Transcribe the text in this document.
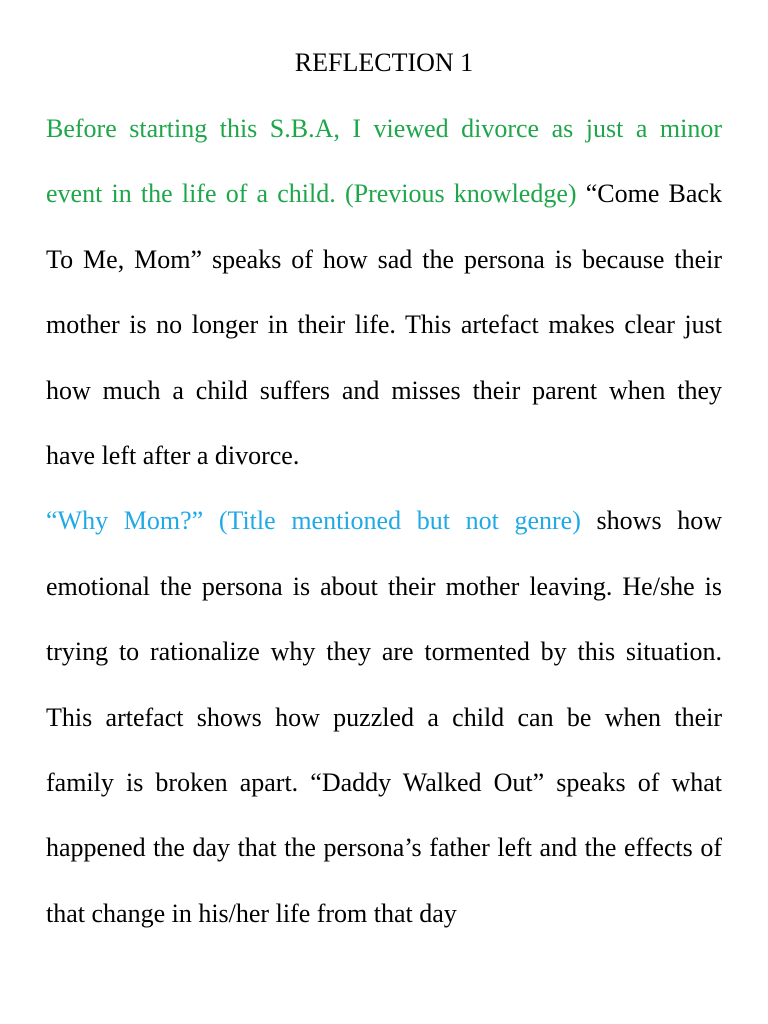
REFLECTION 1

Before starting this S.B.A, I viewed divorce as just a minor event in the life of a child. (Previous knowledge) “Come Back To Me, Mom” speaks of how sad the persona is because their mother is no longer in their life. This artefact makes clear just how much a child suffers and misses their parent when they have left after a divorce.

“Why Mom?” (Title mentioned but not genre) shows how emotional the persona is about their mother leaving. He/she is trying to rationalize why they are tormented by this situation. This artefact shows how puzzled a child can be when their family is broken apart. “Daddy Walked Out” speaks of what happened the day that the persona’s father left and the effects of that change in his/her life from that day
